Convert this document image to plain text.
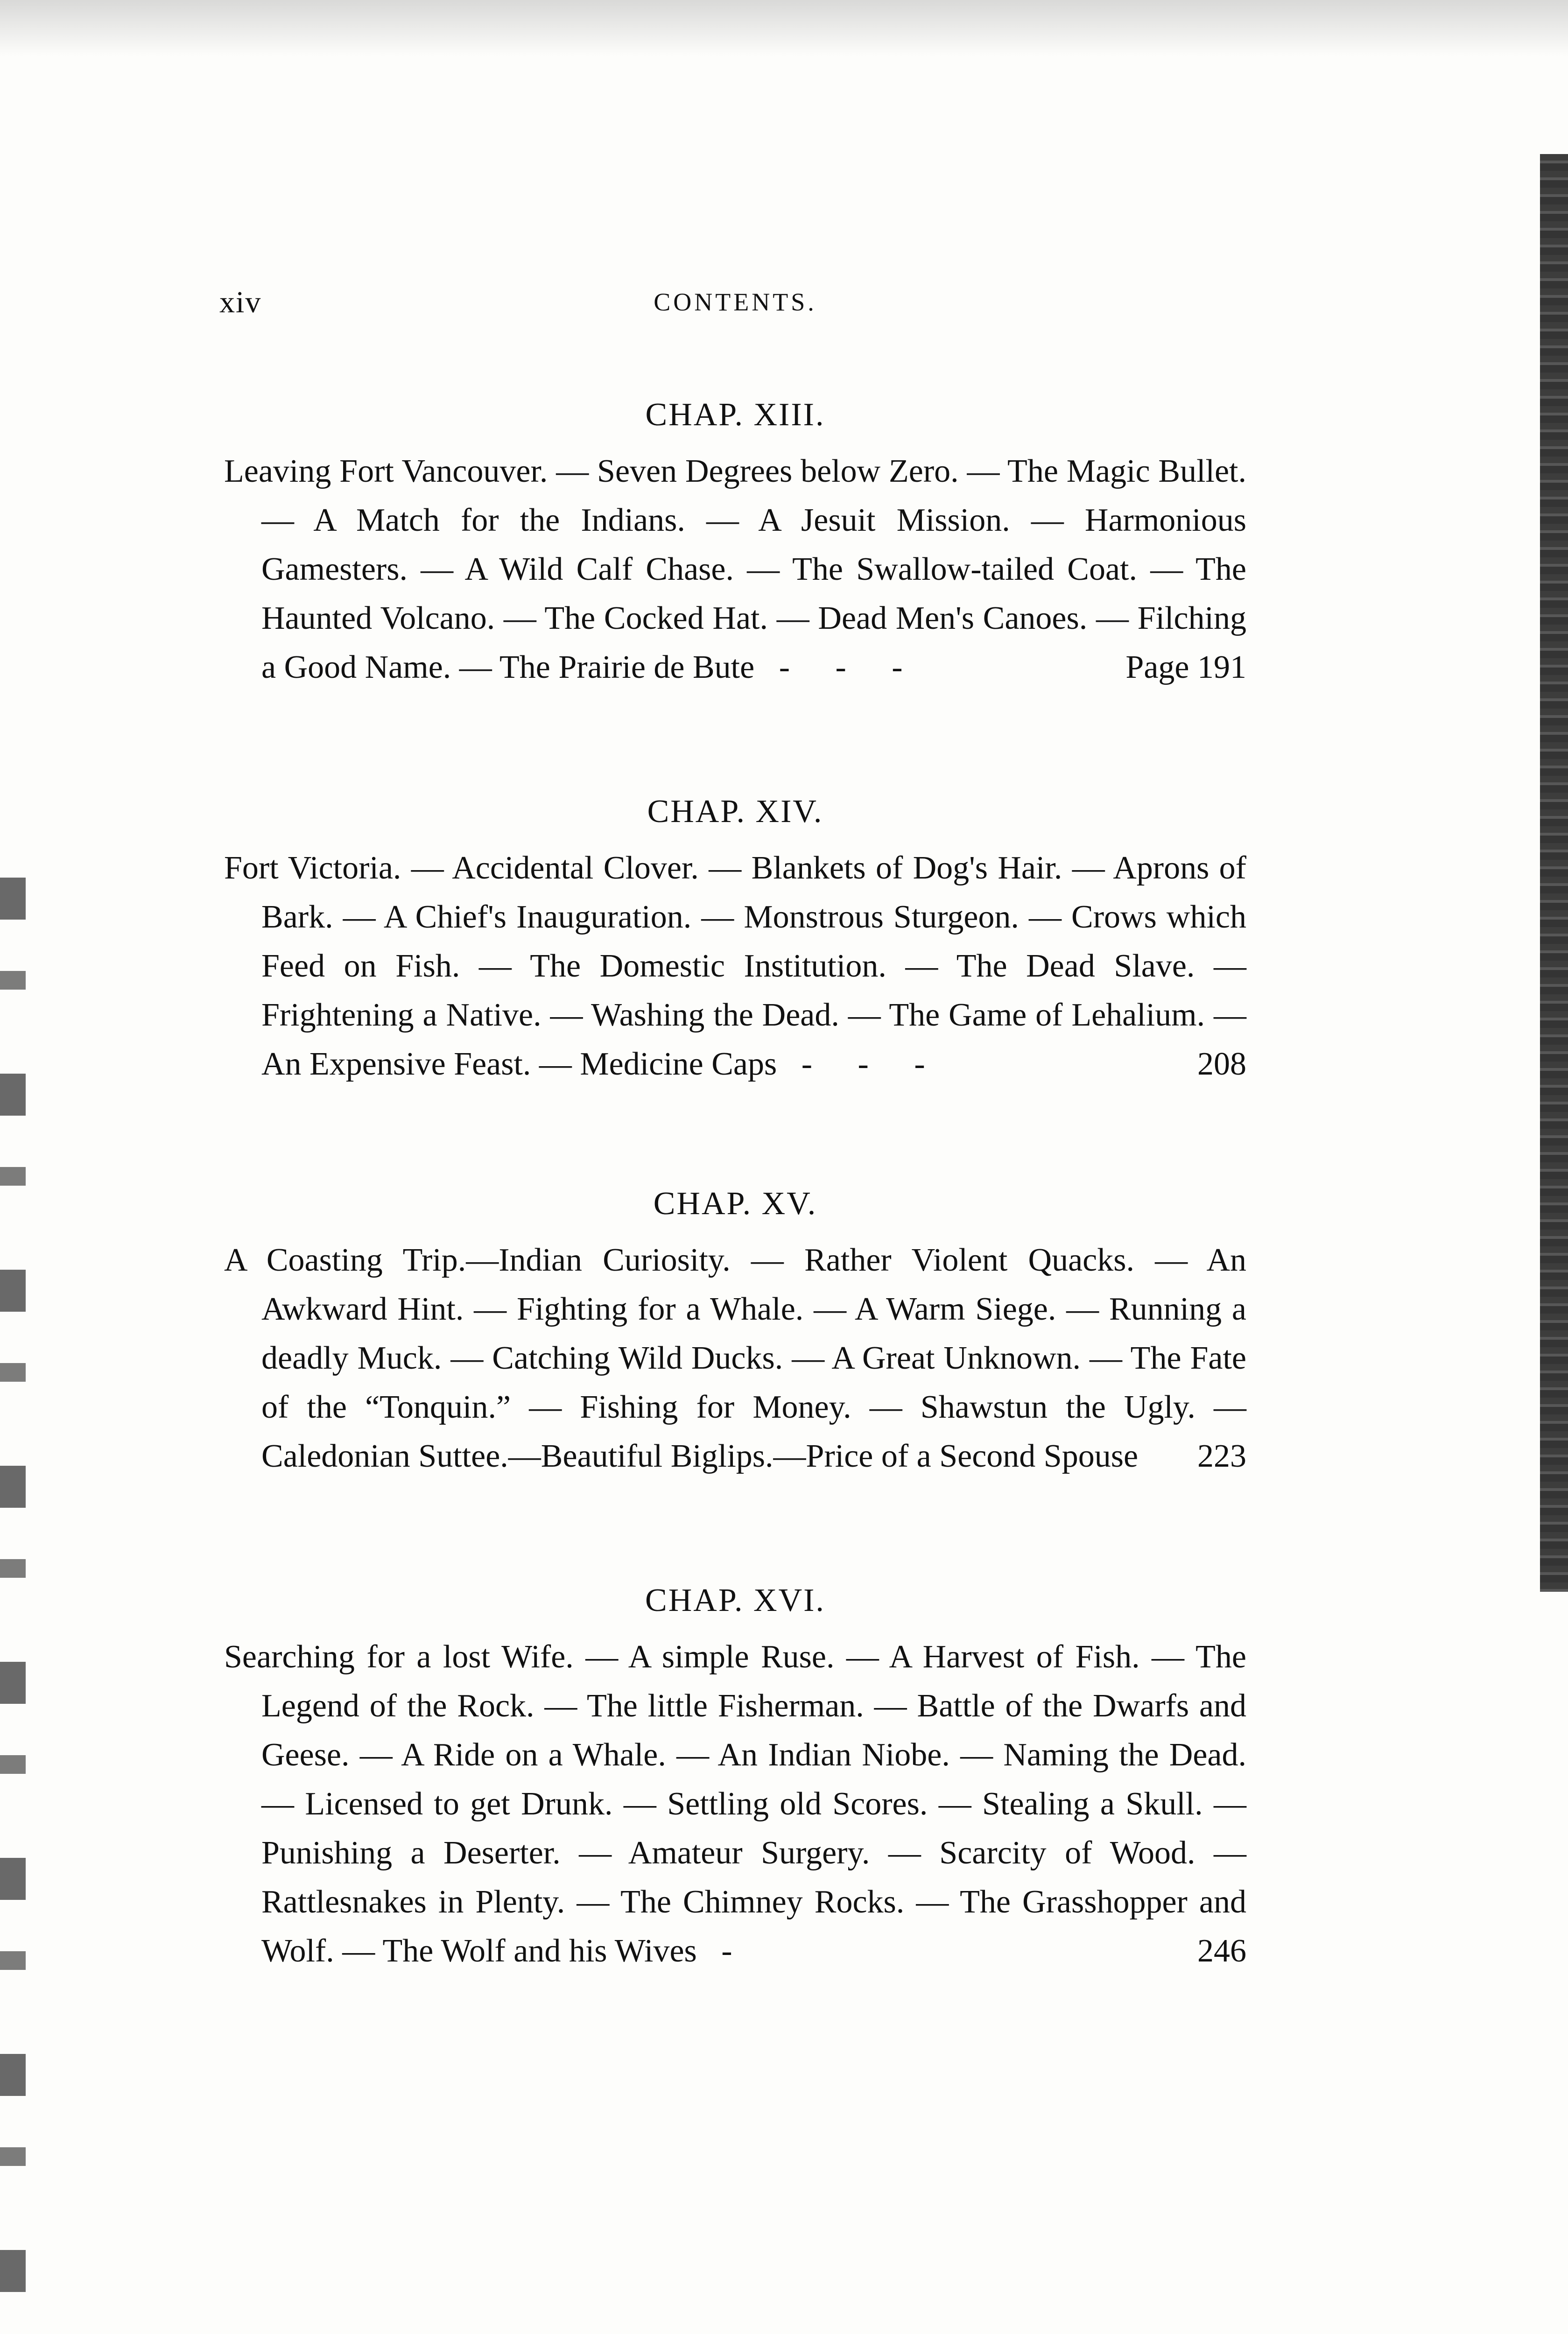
xiv	CONTENTS.
CHAP. XIII.

Leaving Fort Vancouver. — Seven Degrees below Zero. — The Magic Bullet. — A Match for the Indians. — A Jesuit Mission. — Harmonious Gamesters. — A Wild Calf Chase. — The Swallow-tailed Coat. — The Haunted Volcano. — The Cocked Hat. — Dead Men's Canoes. — Filching a Good Name. — The Prairie de Bute - - -	Page 191

CHAP. XIV.

Fort Victoria. — Accidental Clover. — Blankets of Dog's Hair. — Aprons of Bark. — A Chief's Inauguration. — Monstrous Sturgeon. — Crows which Feed on Fish. — The Domestic Institution. — The Dead Slave. — Frightening a Native. — Washing the Dead. — The Game of Lehalium. — An Expensive Feast. — Medicine Caps - - -	208

CHAP. XV.

A Coasting Trip.—Indian Curiosity. — Rather Violent Quacks. — An Awkward Hint. — Fighting for a Whale. — A Warm Siege. — Running a deadly Muck. — Catching Wild Ducks. — A Great Unknown. — The Fate of the “Tonquin.” — Fishing for Money. — Shawstun the Ugly. — Caledonian Suttee.—Beautiful Biglips.—Price of a Second Spouse 223

CHAP. XVI.

Searching for a lost Wife. — A simple Ruse. — A Harvest of Fish. — The Legend of the Rock. — The little Fisherman. — Battle of the Dwarfs and Geese. — A Ride on a Whale. — An Indian Niobe. — Naming the Dead. — Licensed to get Drunk. — Settling old Scores. — Stealing a Skull. — Punishing a Deserter. — Amateur Surgery. — Scarcity of Wood. — Rattlesnakes in Plenty. — The Chimney Rocks. — The Grasshopper and Wolf. — The Wolf and his Wives -	246
